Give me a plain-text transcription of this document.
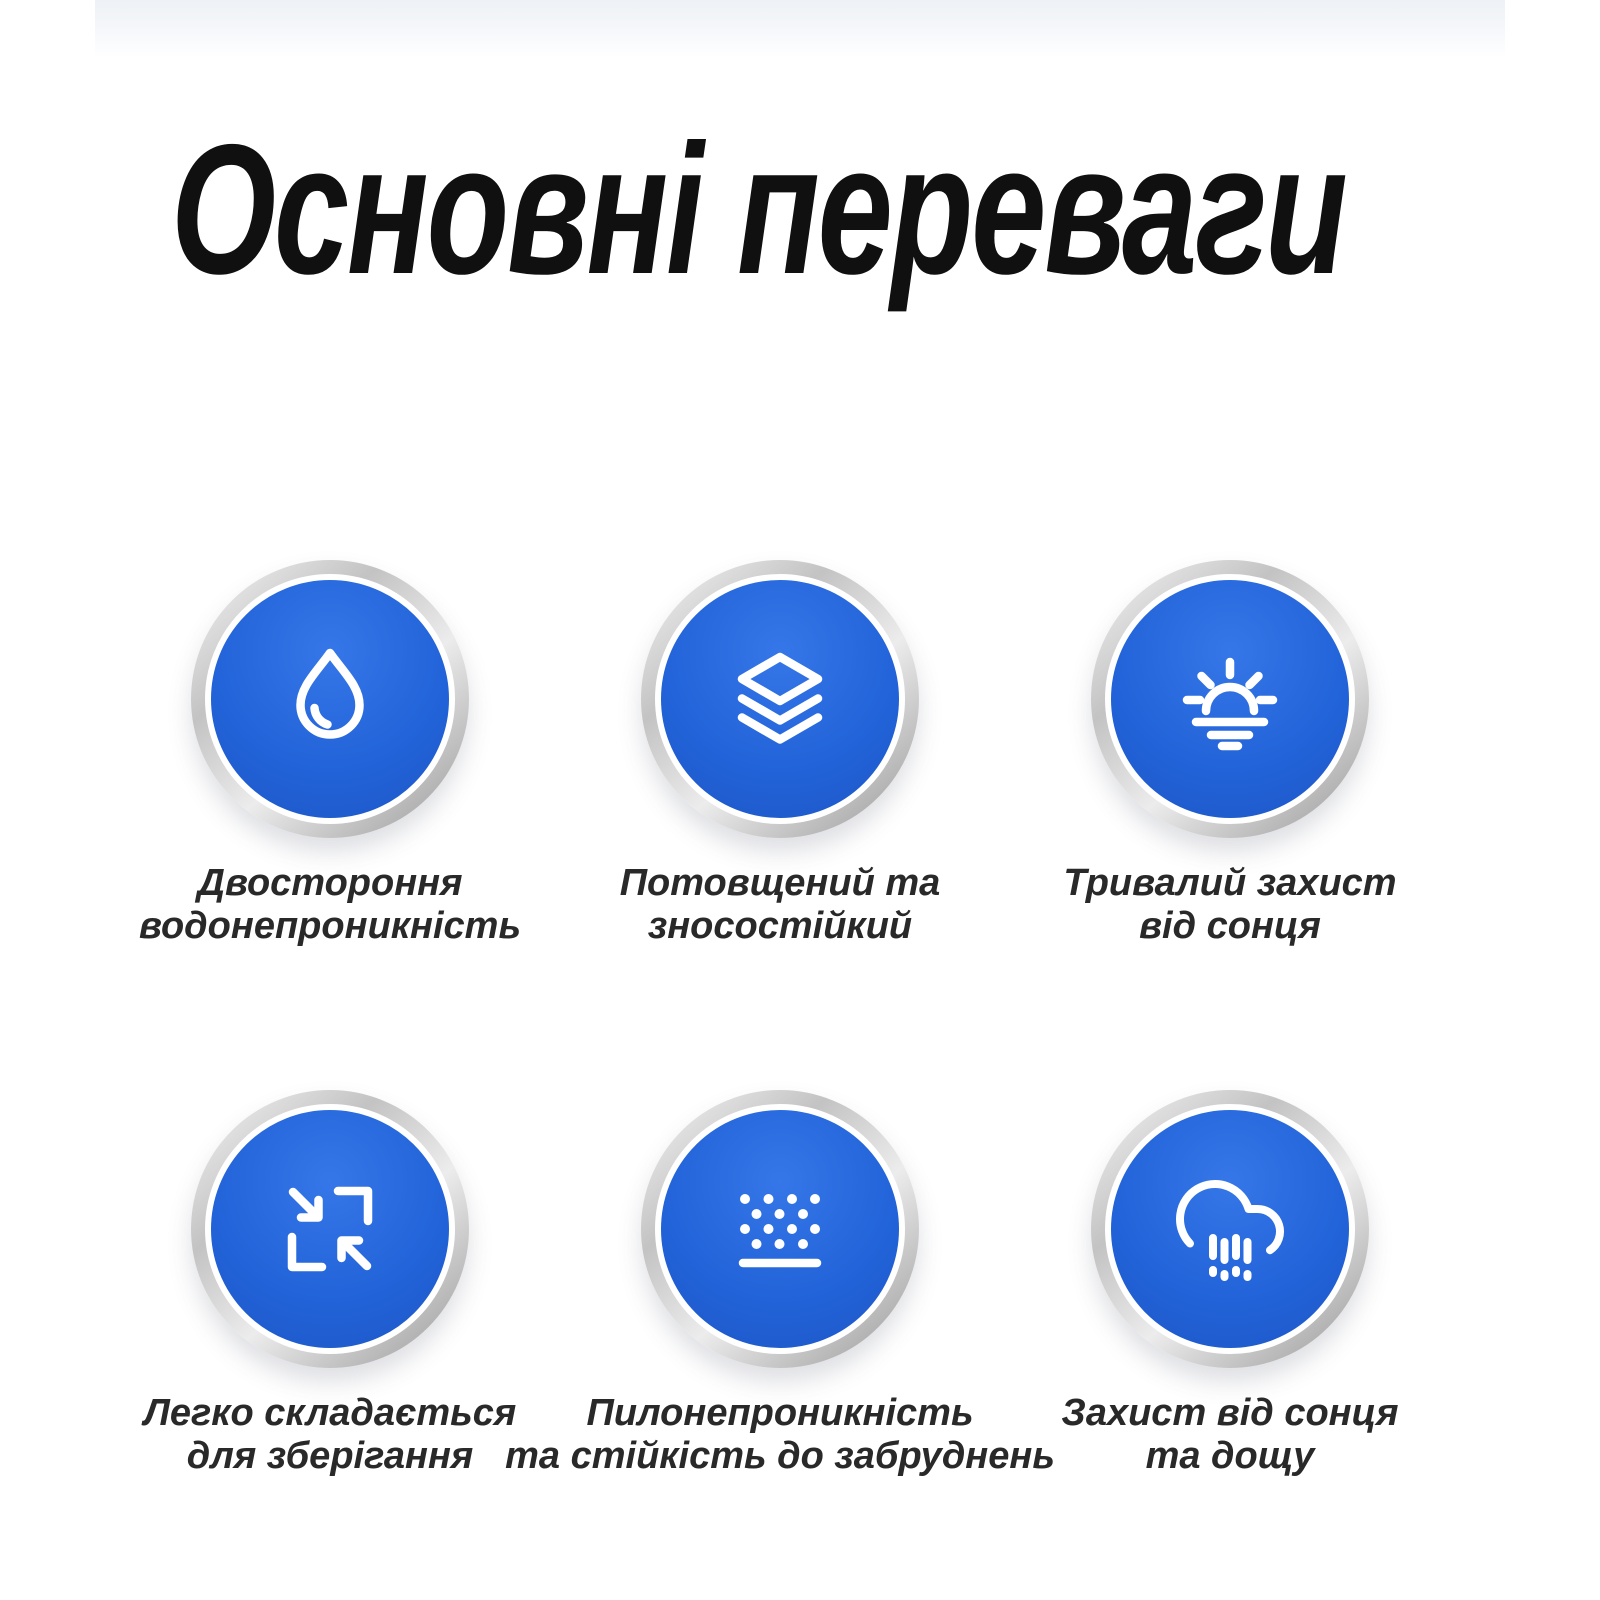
Основні переваги
Двостороння
водонепроникність
Потовщений та
зносостійкий
Тривалий захист
від сонця
Легко складається
для зберігання
Пилонепроникність
та стійкість до забруднень
Захист від сонця
та дощу
